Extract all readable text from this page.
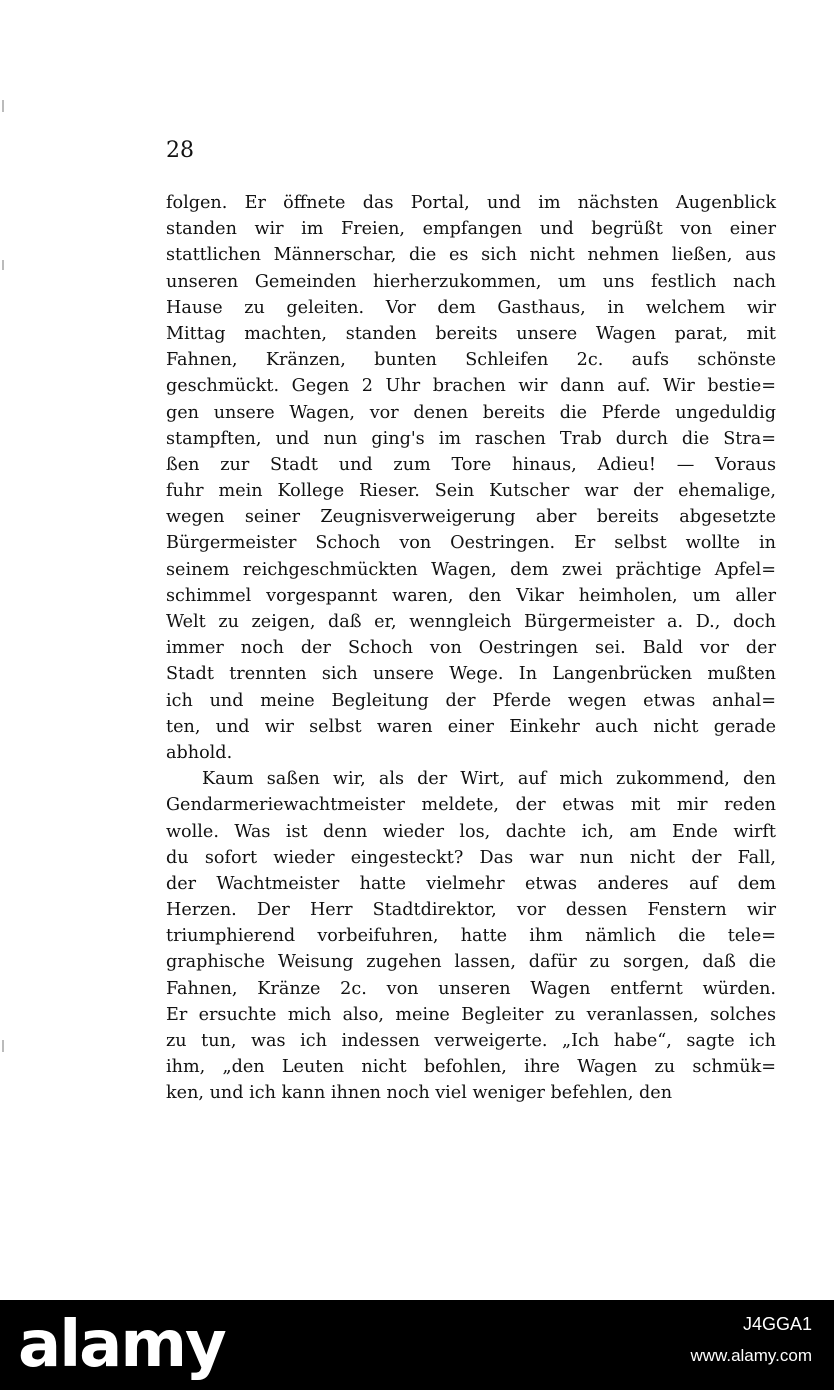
28

folgen. Er öffnete das Portal, und im nächsten Augenblick
standen wir im Freien, empfangen und begrüßt von einer
stattlichen Männerschar, die es sich nicht nehmen ließen, aus
unseren Gemeinden hierherzukommen, um uns festlich nach
Hause zu geleiten. Vor dem Gasthaus, in welchem wir
Mittag machten, standen bereits unsere Wagen parat, mit
Fahnen, Kränzen, bunten Schleifen 2c. aufs schönste
geschmückt. Gegen 2 Uhr brachen wir dann auf. Wir bestie=
gen unsere Wagen, vor denen bereits die Pferde ungeduldig
stampften, und nun ging's im raschen Trab durch die Stra=
ßen zur Stadt und zum Tore hinaus, Adieu! — Voraus
fuhr mein Kollege Rieser. Sein Kutscher war der ehemalige,
wegen seiner Zeugnisverweigerung aber bereits abgesetzte
Bürgermeister Schoch von Oestringen. Er selbst wollte in
seinem reichgeschmückten Wagen, dem zwei prächtige Apfel=
schimmel vorgespannt waren, den Vikar heimholen, um aller
Welt zu zeigen, daß er, wenngleich Bürgermeister a. D., doch
immer noch der Schoch von Oestringen sei. Bald vor der
Stadt trennten sich unsere Wege. In Langenbrücken mußten
ich und meine Begleitung der Pferde wegen etwas anhal=
ten, und wir selbst waren einer Einkehr auch nicht gerade
abhold.
Kaum saßen wir, als der Wirt, auf mich zukommend, den
Gendarmeriewachtmeister meldete, der etwas mit mir reden
wolle. Was ist denn wieder los, dachte ich, am Ende wirft
du sofort wieder eingesteckt? Das war nun nicht der Fall,
der Wachtmeister hatte vielmehr etwas anderes auf dem
Herzen. Der Herr Stadtdirektor, vor dessen Fenstern wir
triumphierend vorbeifuhren, hatte ihm nämlich die tele=
graphische Weisung zugehen lassen, dafür zu sorgen, daß die
Fahnen, Kränze 2c. von unseren Wagen entfernt würden.
Er ersuchte mich also, meine Begleiter zu veranlassen, solches
zu tun, was ich indessen verweigerte. „Ich habe“, sagte ich
ihm, „den Leuten nicht befohlen, ihre Wagen zu schmük=
ken, und ich kann ihnen noch viel weniger befehlen, den
alamy	J4GGA1
www.alamy.com
